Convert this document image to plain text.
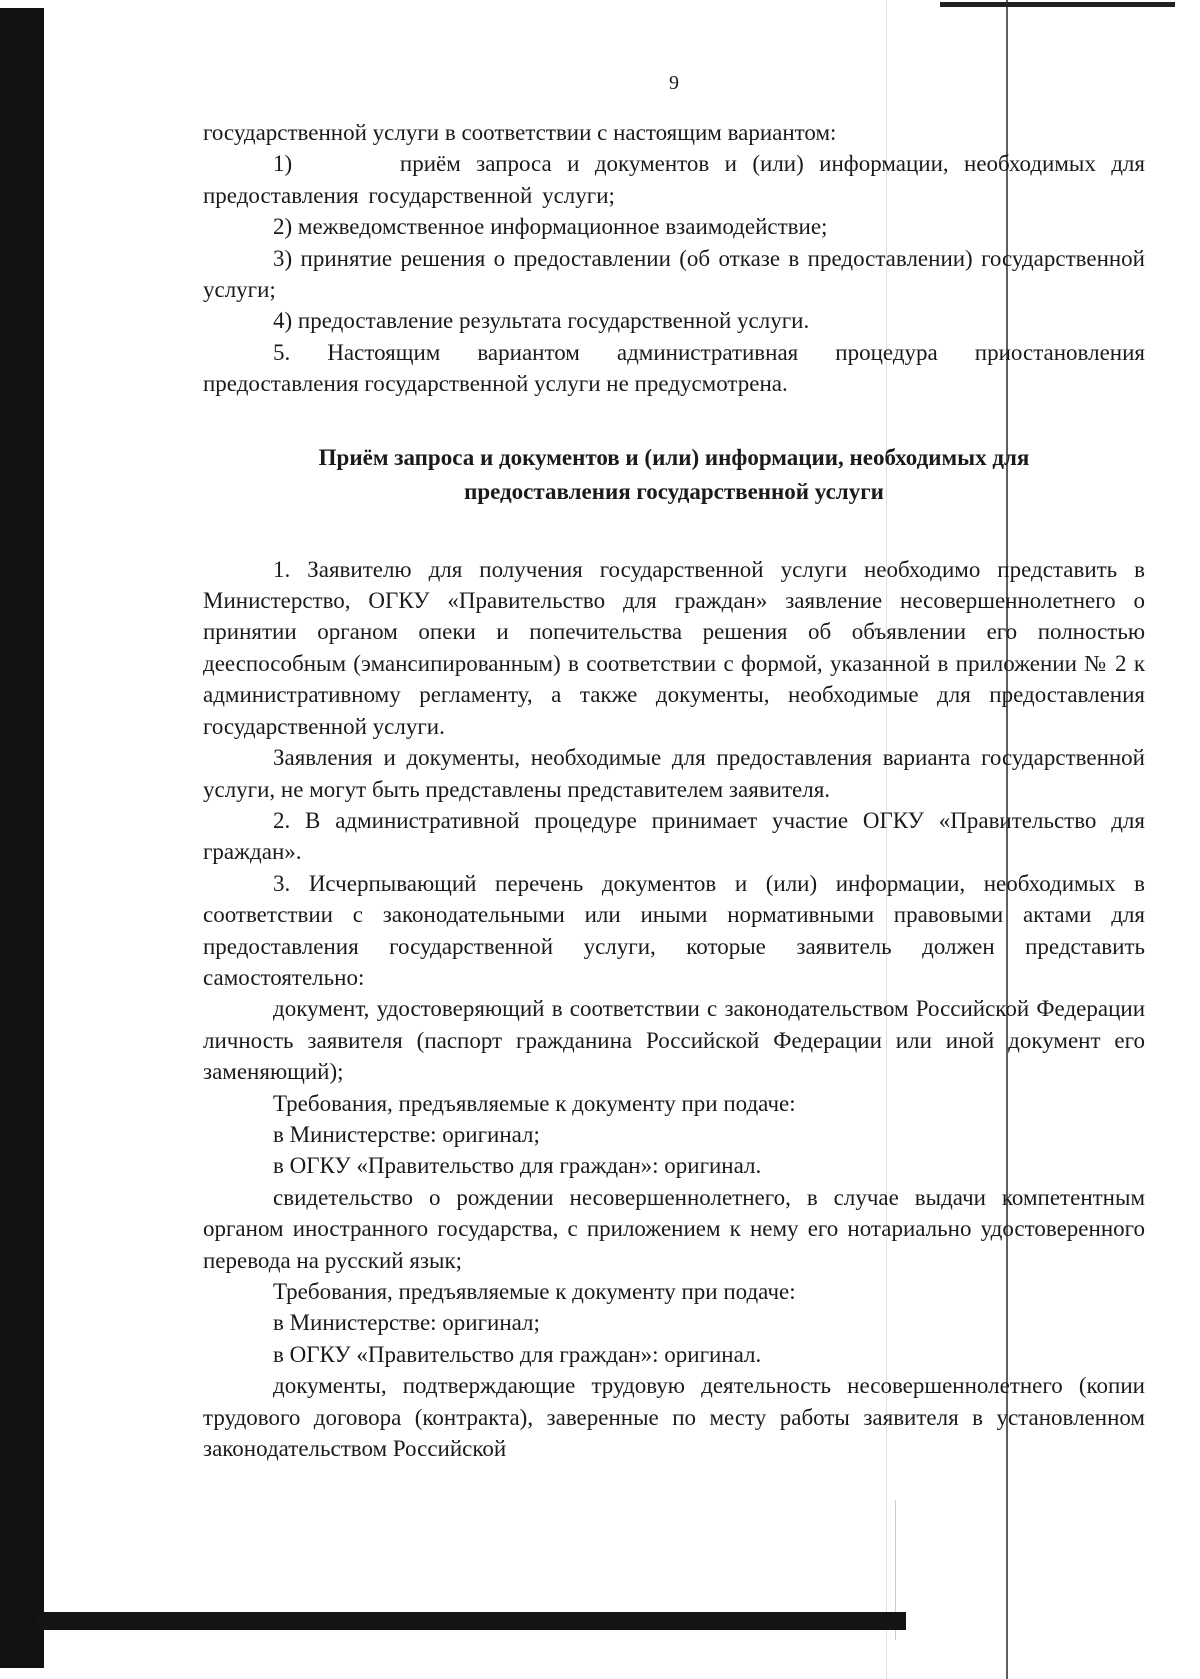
9

государственной услуги в соответствии с настоящим вариантом:

1)       приём запроса и документов и (или) информации, необходимых для предоставления государственной услуги;

2) межведомственное информационное взаимодействие;

3) принятие решения о предоставлении (об отказе в предоставлении) государственной услуги;

4) предоставление результата государственной услуги.

5. Настоящим вариантом административная процедура приостановления предоставления государственной услуги не предусмотрена.

Приём запроса и документов и (или) информации, необходимых для предоставления государственной услуги

1. Заявителю для получения государственной услуги необходимо представить в Министерство, ОГКУ «Правительство для граждан» заявление несовершеннолетнего о принятии органом опеки и попечительства решения об объявлении его полностью дееспособным (эмансипированным) в соответствии с формой, указанной в приложении № 2 к административному регламенту, а также документы, необходимые для предоставления государственной услуги.

Заявления и документы, необходимые для предоставления варианта государственной услуги, не могут быть представлены представителем заявителя.

2. В административной процедуре принимает участие ОГКУ «Правительство для граждан».

3. Исчерпывающий перечень документов и (или) информации, необходимых в соответствии с законодательными или иными нормативными правовыми актами для предоставления государственной услуги, которые заявитель должен представить самостоятельно:

документ, удостоверяющий в соответствии с законодательством Российской Федерации личность заявителя (паспорт гражданина Российской Федерации или иной документ его заменяющий);

Требования, предъявляемые к документу при подаче:

в Министерстве: оригинал;

в ОГКУ «Правительство для граждан»: оригинал.

свидетельство о рождении несовершеннолетнего, в случае выдачи компетентным органом иностранного государства, с приложением к нему его нотариально удостоверенного перевода на русский язык;

Требования, предъявляемые к документу при подаче:

в Министерстве: оригинал;

в ОГКУ «Правительство для граждан»: оригинал.

документы, подтверждающие трудовую деятельность несовершеннолетнего (копии трудового договора (контракта), заверенные по месту работы заявителя в установленном законодательством Российской
